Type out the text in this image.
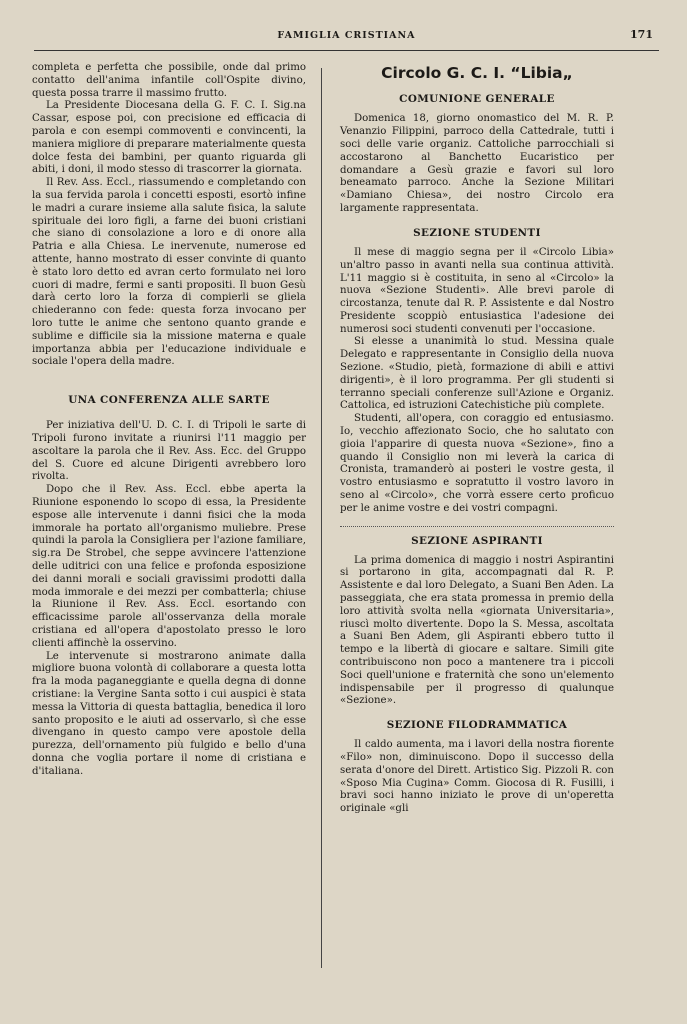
FAMIGLIA CRISTIANA	171

completa e perfetta che possibile, onde dal primo contatto dell'anima infantile coll'Ospite divino, questa possa trarre il massimo frutto.

La Presidente Diocesana della G. F. C. I. Sig.na Cassar, espose poi, con precisione ed efficacia di parola e con esempi commoventi e convincenti, la maniera migliore di preparare materialmente questa dolce festa dei bambini, per quanto riguarda gli abiti, i doni, il modo stesso di trascorrer la giornata.

Il Rev. Ass. Eccl., riassumendo e completando con la sua fervida parola i concetti esposti, esortò infine le madri a curare insieme alla salute fisica, la salute spirituale dei loro figli, a farne dei buoni cristiani che siano di consolazione a loro e di onore alla Patria e alla Chiesa. Le inervenute, numerose ed attente, hanno mostrato di esser convinte di quanto è stato loro detto ed avran certo formulato nei loro cuori di madre, fermi e santi propositi. Il buon Gesù darà certo loro la forza di compierli se gliela chiederanno con fede: questa forza invocano per loro tutte le anime che sentono quanto grande e sublime e difficile sia la missione materna e quale importanza abbia per l'educazione individuale e sociale l'opera della madre.

UNA CONFERENZA ALLE SARTE

Per iniziativa dell'U. D. C. I. di Tripoli le sarte di Tripoli furono invitate a riunirsi l'11 maggio per ascoltare la parola che il Rev. Ass. Ecc. del Gruppo del S. Cuore ed alcune Dirigenti avrebbero loro rivolta.

Dopo che il Rev. Ass. Eccl. ebbe aperta la Riunione esponendo lo scopo di essa, la Presidente espose alle intervenute i danni fisici che la moda immorale ha portato all'organismo muliebre. Prese quindi la parola la Consigliera per l'azione familiare, sig.ra De Strobel, che seppe avvincere l'attenzione delle uditrici con una felice e profonda esposizione dei danni morali e sociali gravissimi prodotti dalla moda immorale e dei mezzi per combatterla; chiuse la Riunione il Rev. Ass. Eccl. esortando con efficacissime parole all'osservanza della morale cristiana ed all'opera d'apostolato presso le loro clienti affinchè la osservino.

Le intervenute si mostrarono animate dalla migliore buona volontà di collaborare a questa lotta fra la moda paganeggiante e quella degna di donne cristiane: la Vergine Santa sotto i cui auspici è stata messa la Vittoria di questa battaglia, benedica il loro santo proposito e le aiuti ad osservarlo, sì che esse divengano in questo campo vere apostole della purezza, dell'ornamento più fulgido e bello d'una donna che voglia portare il nome di cristiana e d'italiana.

Circolo G. C. I. “Libia„
COMUNIONE GENERALE

Domenica 18, giorno onomastico del M. R. P. Venanzio Filippini, parroco della Cattedrale, tutti i soci delle varie organiz. Cattoliche parrocchiali si accostarono al Banchetto Eucaristico per domandare a Gesù grazie e favori sul loro beneamato parroco. Anche la Sezione Militari «Damiano Chiesa», dei nostro Circolo era largamente rappresentata.

SEZIONE STUDENTI

Il mese di maggio segna per il «Circolo Libia» un'altro passo in avanti nella sua continua attività. L'11 maggio si è costituita, in seno al «Circolo» la nuova «Sezione Studenti». Alle brevi parole di circostanza, tenute dal R. P. Assistente e dal Nostro Presidente scoppiò entusiastica l'adesione dei numerosi soci studenti convenuti per l'occasione.

Si elesse a unanimità lo stud. Messina quale Delegato e rappresentante in Consiglio della nuova Sezione. «Studio, pietà, formazione di abili e attivi dirigenti», è il loro programma. Per gli studenti si terranno speciali conferenze sull'Azione e Organiz. Cattolica, ed istruzioni Catechistiche più complete.

Studenti, all'opera, con coraggio ed entusiasmo. Io, vecchio affezionato Socio, che ho salutato con gioia l'apparire di questa nuova «Sezione», fino a quando il Consiglio non mi leverà la carica di Cronista, tramanderò ai posteri le vostre gesta, il vostro entusiasmo e sopratutto il vostro lavoro in seno al «Circolo», che vorrà essere certo proficuo per le anime vostre e dei vostri compagni.

SEZIONE ASPIRANTI

La prima domenica di maggio i nostri Aspirantini si portarono in gita, accompagnati dal R. P. Assistente e dal loro Delegato, a Suani Ben Aden. La passeggiata, che era stata promessa in premio della loro attività svolta nella «giornata Universitaria», riuscì molto divertente. Dopo la S. Messa, ascoltata a Suani Ben Adem, gli Aspiranti ebbero tutto il tempo e la libertà di giocare e saltare. Simili gite contribuiscono non poco a mantenere tra i piccoli Soci quell'unione e fraternità che sono un'elemento indispensabile per il progresso di qualunque «Sezione».

SEZIONE FILODRAMMATICA

Il caldo aumenta, ma i lavori della nostra fiorente «Filo» non, diminuiscono. Dopo il successo della serata d'onore del Dirett. Artistico Sig. Pizzoli R. con «Sposo Mia Cugina» Comm. Giocosa di R. Fusilli, i bravi soci hanno iniziato le prove di un'operetta originale «gli
